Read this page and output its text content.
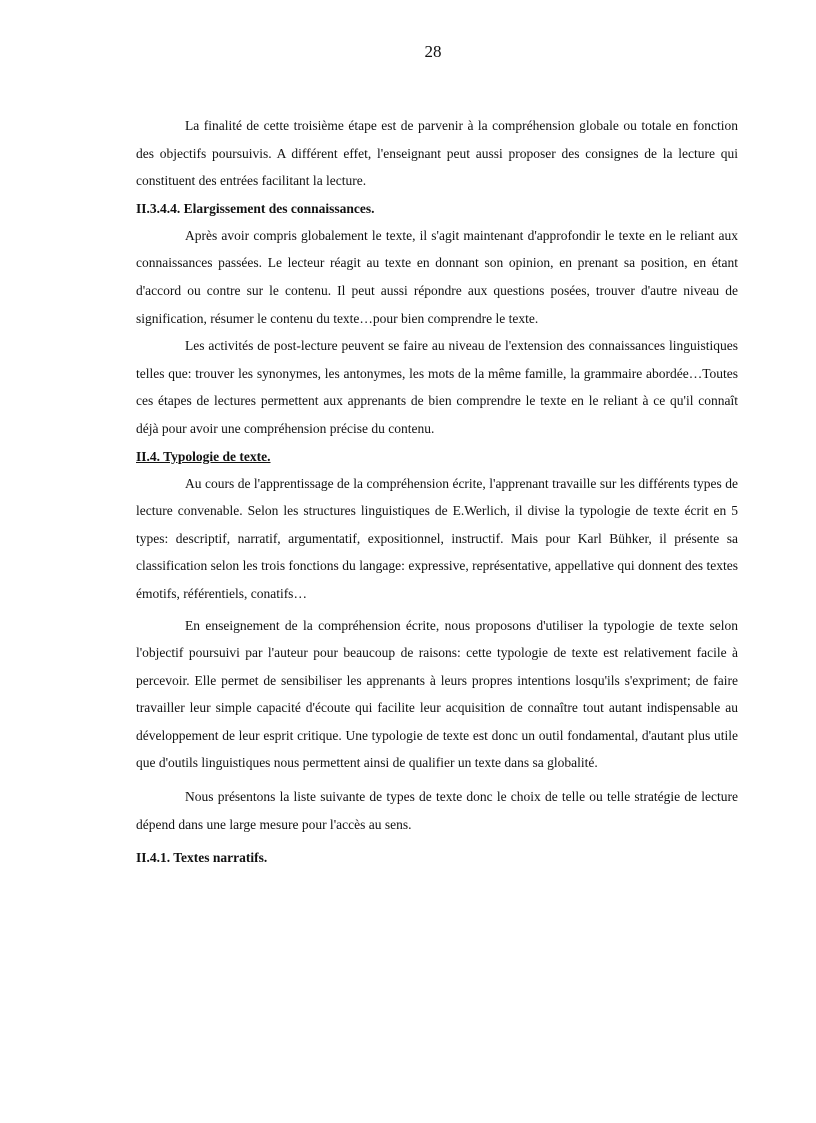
28

La finalité de cette troisième étape est de parvenir à la compréhension globale ou totale en fonction des objectifs poursuivis. A différent effet, l'enseignant peut aussi proposer des consignes de la lecture qui constituent des entrées facilitant la lecture.

II.3.4.4. Elargissement des connaissances.

Après avoir compris globalement le texte, il s'agit maintenant d'approfondir le texte en le reliant aux connaissances passées. Le lecteur réagit au texte en donnant son opinion, en prenant sa position, en étant d'accord ou contre sur le contenu. Il peut aussi répondre aux questions posées, trouver d'autre niveau de signification, résumer le contenu du texte…pour bien comprendre le texte.

Les activités de post-lecture peuvent se faire au niveau de l'extension des connaissances linguistiques telles que: trouver les synonymes, les antonymes, les mots de la même famille, la grammaire abordée…Toutes ces étapes de lectures permettent aux apprenants de bien comprendre le texte en le reliant à ce qu'il connaît déjà pour avoir une compréhension précise du contenu.

II.4. Typologie de texte.

Au cours de l'apprentissage de la compréhension écrite, l'apprenant travaille sur les différents types de lecture convenable. Selon les structures linguistiques de E.Werlich, il divise la typologie de texte écrit en 5 types: descriptif, narratif, argumentatif, expositionnel, instructif. Mais pour Karl Bühker, il présente sa classification selon les trois fonctions du langage: expressive, représentative, appellative qui donnent des textes émotifs, référentiels, conatifs…

En enseignement de la compréhension écrite, nous proposons d'utiliser la typologie de texte selon l'objectif poursuivi par l'auteur pour beaucoup de raisons: cette typologie de texte est relativement facile à percevoir. Elle permet de sensibiliser les apprenants à leurs propres intentions losqu'ils s'expriment; de faire travailler leur simple capacité d'écoute qui facilite leur acquisition de connaître tout autant indispensable au développement de leur esprit critique. Une typologie de texte est donc un outil fondamental, d'autant plus utile que d'outils linguistiques nous permettent ainsi de qualifier un texte dans sa globalité.

Nous présentons la liste suivante de types de texte donc le choix de telle ou telle stratégie de lecture dépend dans une large mesure pour l'accès au sens.

II.4.1. Textes narratifs.
